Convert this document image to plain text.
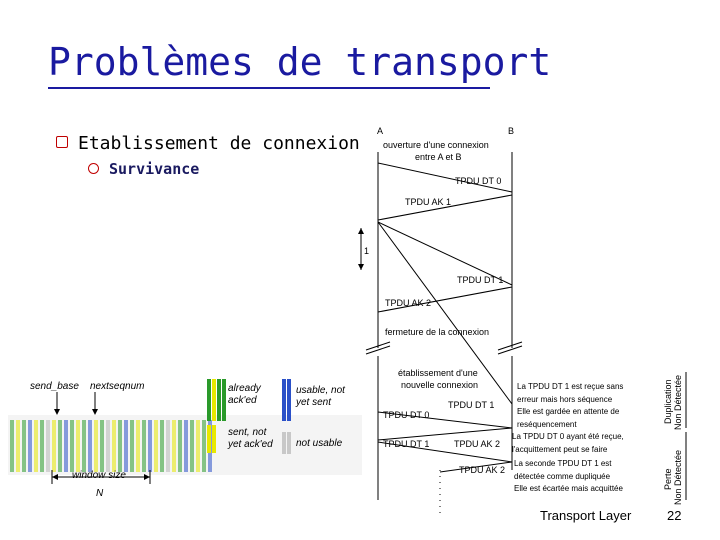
Problèmes de transport
Etablissement de connexion
Survivance
send_base nextseqnum	already
ack'ed
usable, not
yet sent
sent, not
yet ack'ed not usable
window size
N
A	B
ouverture d'une connexion
entre A et B
TPDU DT 0
TPDU AK 1
1
TPDU DT 1
TPDU AK 2
fermeture de la connexion
établissement d'une
nouvelle connexion
TPDU DT 1
TPDU DT 0
TPDU DT 1	TPDU AK 2
TPDU AK 2
La TPDU DT 1 est reçue sans
erreur mais hors séquence
Elle est gardée en attente de
reséquencement
La TPDU DT 0 ayant été reçue,
l'acquittement peut se faire
La seconde TPDU DT 1 est
détectée comme dupliquée
Elle est écartée mais acquittée
Duplication Non Détectée
Perte Non Détectée
Transport Layer	22
